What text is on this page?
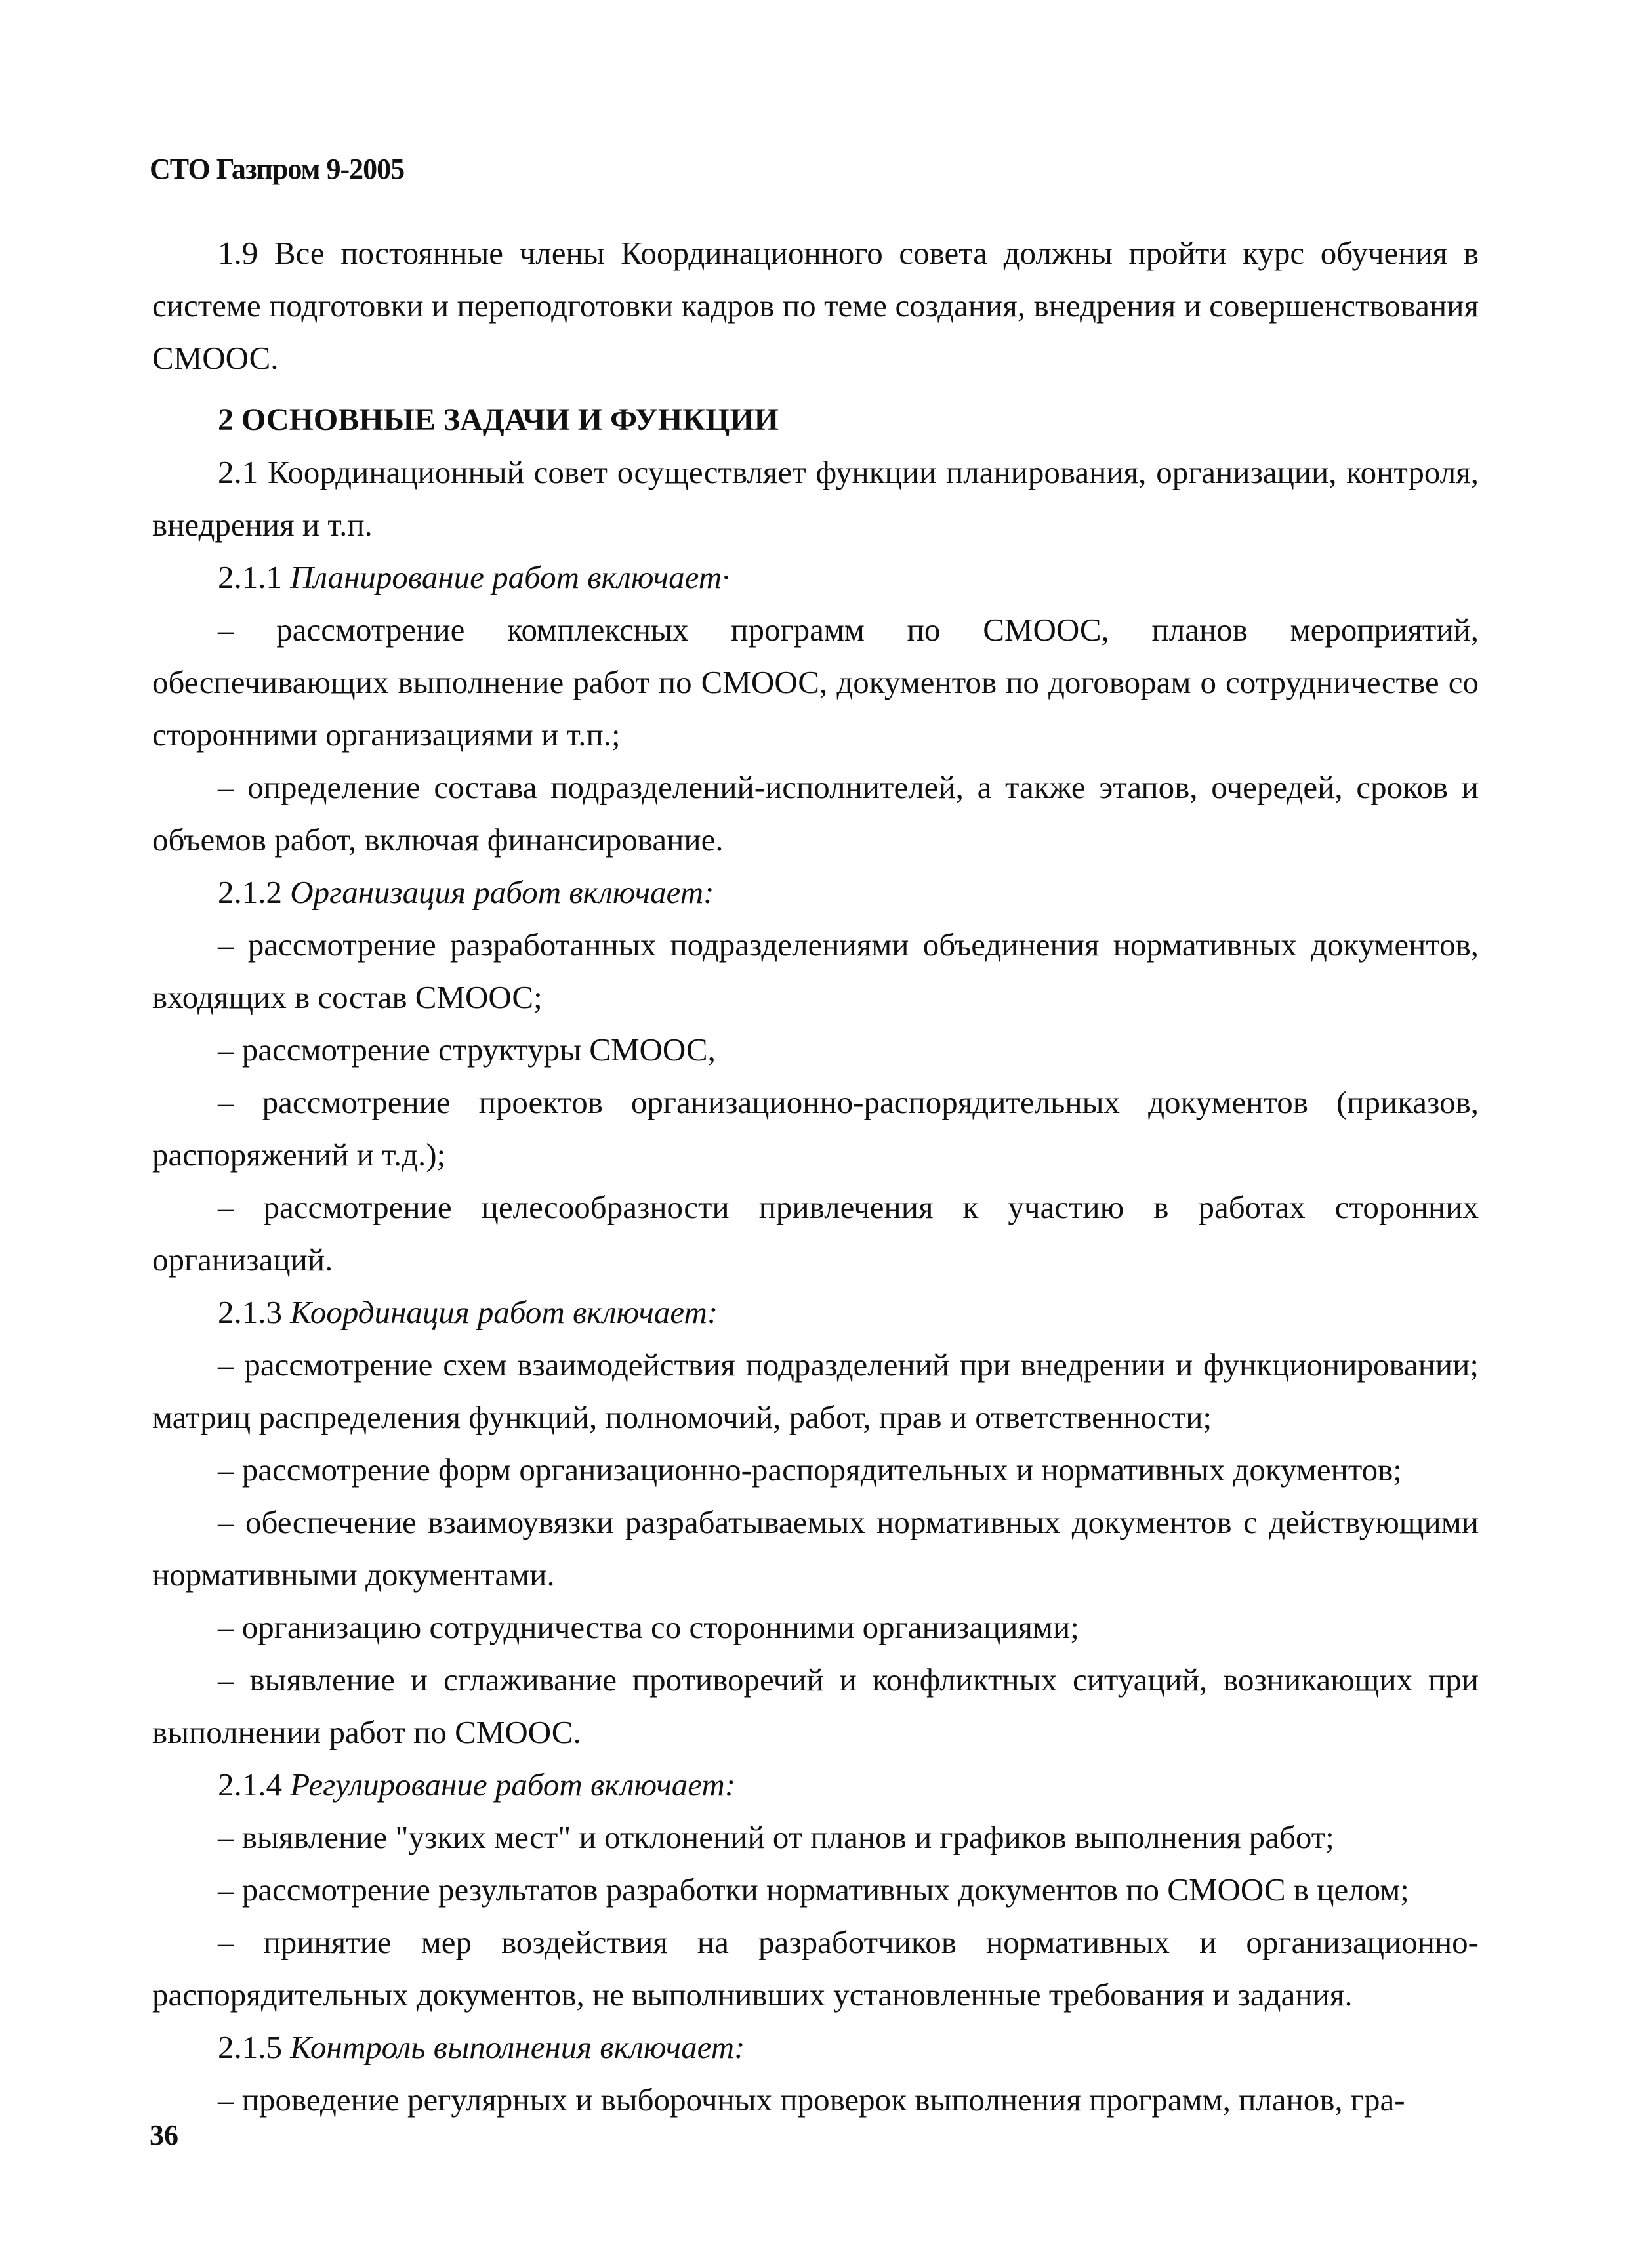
СТО Газпром 9-2005

1.9 Все постоянные члены Координационного совета должны пройти курс обучения в системе подготовки и переподготовки кадров по теме создания, внедрения и совершенствования СМООС.

2 ОСНОВНЫЕ ЗАДАЧИ И ФУНКЦИИ

2.1 Координационный совет осуществляет функции планирования, организации, контроля, внедрения и т.п.

2.1.1 Планирование работ включает·

– рассмотрение комплексных программ по СМООС, планов мероприятий, обеспечивающих выполнение работ по СМООС, документов по договорам о сотрудничестве со сторонними организациями и т.п.;

– определение состава подразделений-исполнителей, а также этапов, очередей, сроков и объемов работ, включая финансирование.

2.1.2 Организация работ включает:

– рассмотрение разработанных подразделениями объединения нормативных документов, входящих в состав СМООС;

– рассмотрение структуры СМООС,

– рассмотрение проектов организационно-распорядительных документов (приказов, распоряжений и т.д.);

– рассмотрение целесообразности привлечения к участию в работах сторонних организаций.

2.1.3 Координация работ включает:

– рассмотрение схем взаимодействия подразделений при внедрении и функционировании; матриц распределения функций, полномочий, работ, прав и ответственности;

– рассмотрение форм организационно-распорядительных и нормативных документов;

– обеспечение взаимоувязки разрабатываемых нормативных документов с действующими нормативными документами.

– организацию сотрудничества со сторонними организациями;

– выявление и сглаживание противоречий и конфликтных ситуаций, возникающих при выполнении работ по СМООС.

2.1.4 Регулирование работ включает:

– выявление "узких мест" и отклонений от планов и графиков выполнения работ;

– рассмотрение результатов разработки нормативных документов по СМООС в целом;

– принятие мер воздействия на разработчиков нормативных и организационно-распорядительных документов, не выполнивших установленные требования и задания.

2.1.5 Контроль выполнения включает:

– проведение регулярных и выборочных проверок выполнения программ, планов, гра-

36
